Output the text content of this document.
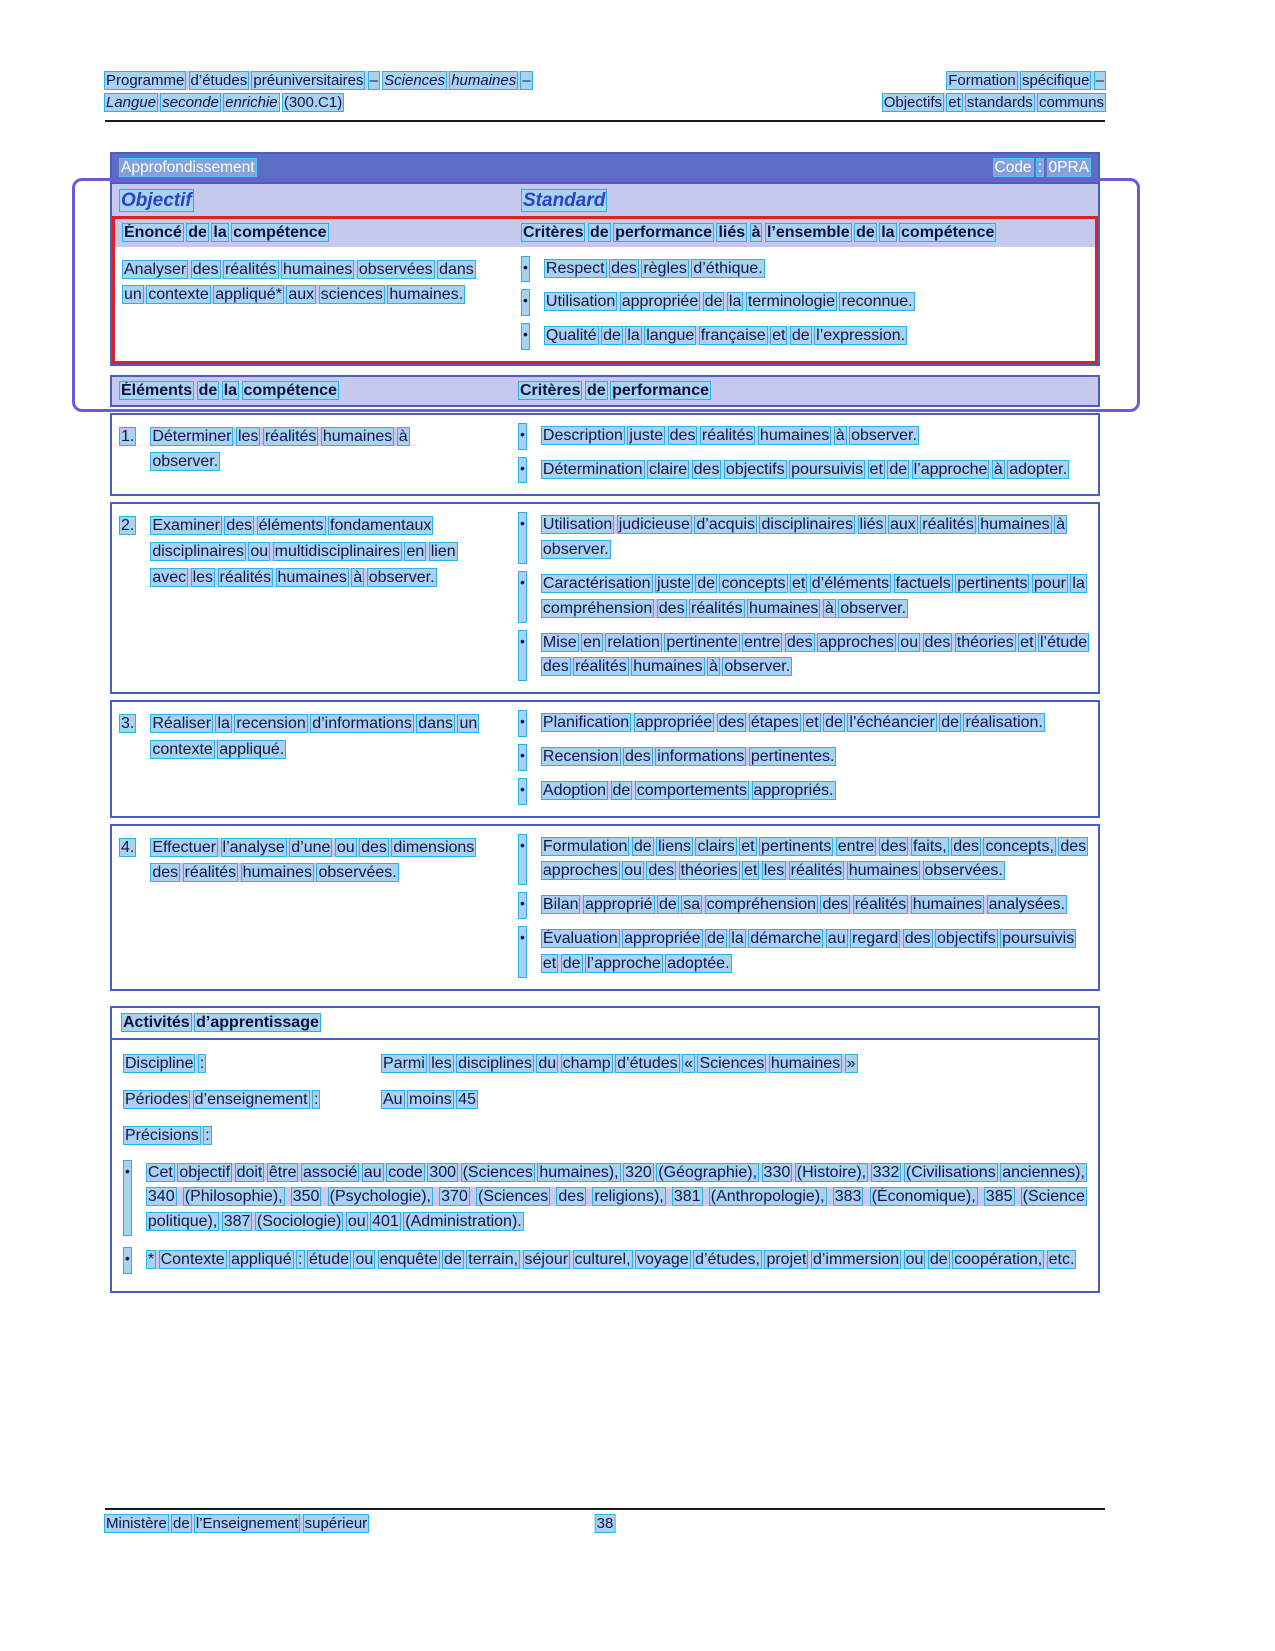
Programme d’études préuniversitaires – Sciences humaines –
Langue seconde enrichie (300.C1)
Formation spécifique –
Objectifs et standards communs
Approfondissement	Code : 0PRA
Objectif	Standard
Énoncé de la compétence	Critères de performance liés à l’ensemble de la compétence
Analyser des réalités humaines observées dans un contexte appliqué* aux sciences humaines.
• Respect des règles d’éthique.
• Utilisation appropriée de la terminologie reconnue.
• Qualité de la langue française et de l’expression.
Éléments de la compétence	Critères de performance
1. Déterminer les réalités humaines à observer.
• Description juste des réalités humaines à observer.
• Détermination claire des objectifs poursuivis et de l’approche à adopter.
2. Examiner des éléments fondamentaux disciplinaires ou multidisciplinaires en lien avec les réalités humaines à observer.
• Utilisation judicieuse d’acquis disciplinaires liés aux réalités humaines à observer.
• Caractérisation juste de concepts et d’éléments factuels pertinents pour la compréhension des réalités humaines à observer.
• Mise en relation pertinente entre des approches ou des théories et l’étude des réalités humaines à observer.
3. Réaliser la recension d’informations dans un contexte appliqué.
• Planification appropriée des étapes et de l’échéancier de réalisation.
• Recension des informations pertinentes.
• Adoption de comportements appropriés.
4. Effectuer l’analyse d’une ou des dimensions des réalités humaines observées.
• Formulation de liens clairs et pertinents entre des faits, des concepts, des approches ou des théories et les réalités humaines observées.
• Bilan approprié de sa compréhension des réalités humaines analysées.
• Évaluation appropriée de la démarche au regard des objectifs poursuivis et de l’approche adoptée.
Activités d’apprentissage
Discipline :	Parmi les disciplines du champ d’études « Sciences humaines »
Périodes d’enseignement :	Au moins 45
Précisions :
• Cet objectif doit être associé au code 300 (Sciences humaines), 320 (Géographie), 330 (Histoire), 332 (Civilisations anciennes), 340 (Philosophie), 350 (Psychologie), 370 (Sciences des religions), 381 (Anthropologie), 383 (Économique), 385 (Science politique), 387 (Sociologie) ou 401 (Administration).
• * Contexte appliqué : étude ou enquête de terrain, séjour culturel, voyage d’études, projet d’immersion ou de coopération, etc.
Ministère de l’Enseignement supérieur	38
